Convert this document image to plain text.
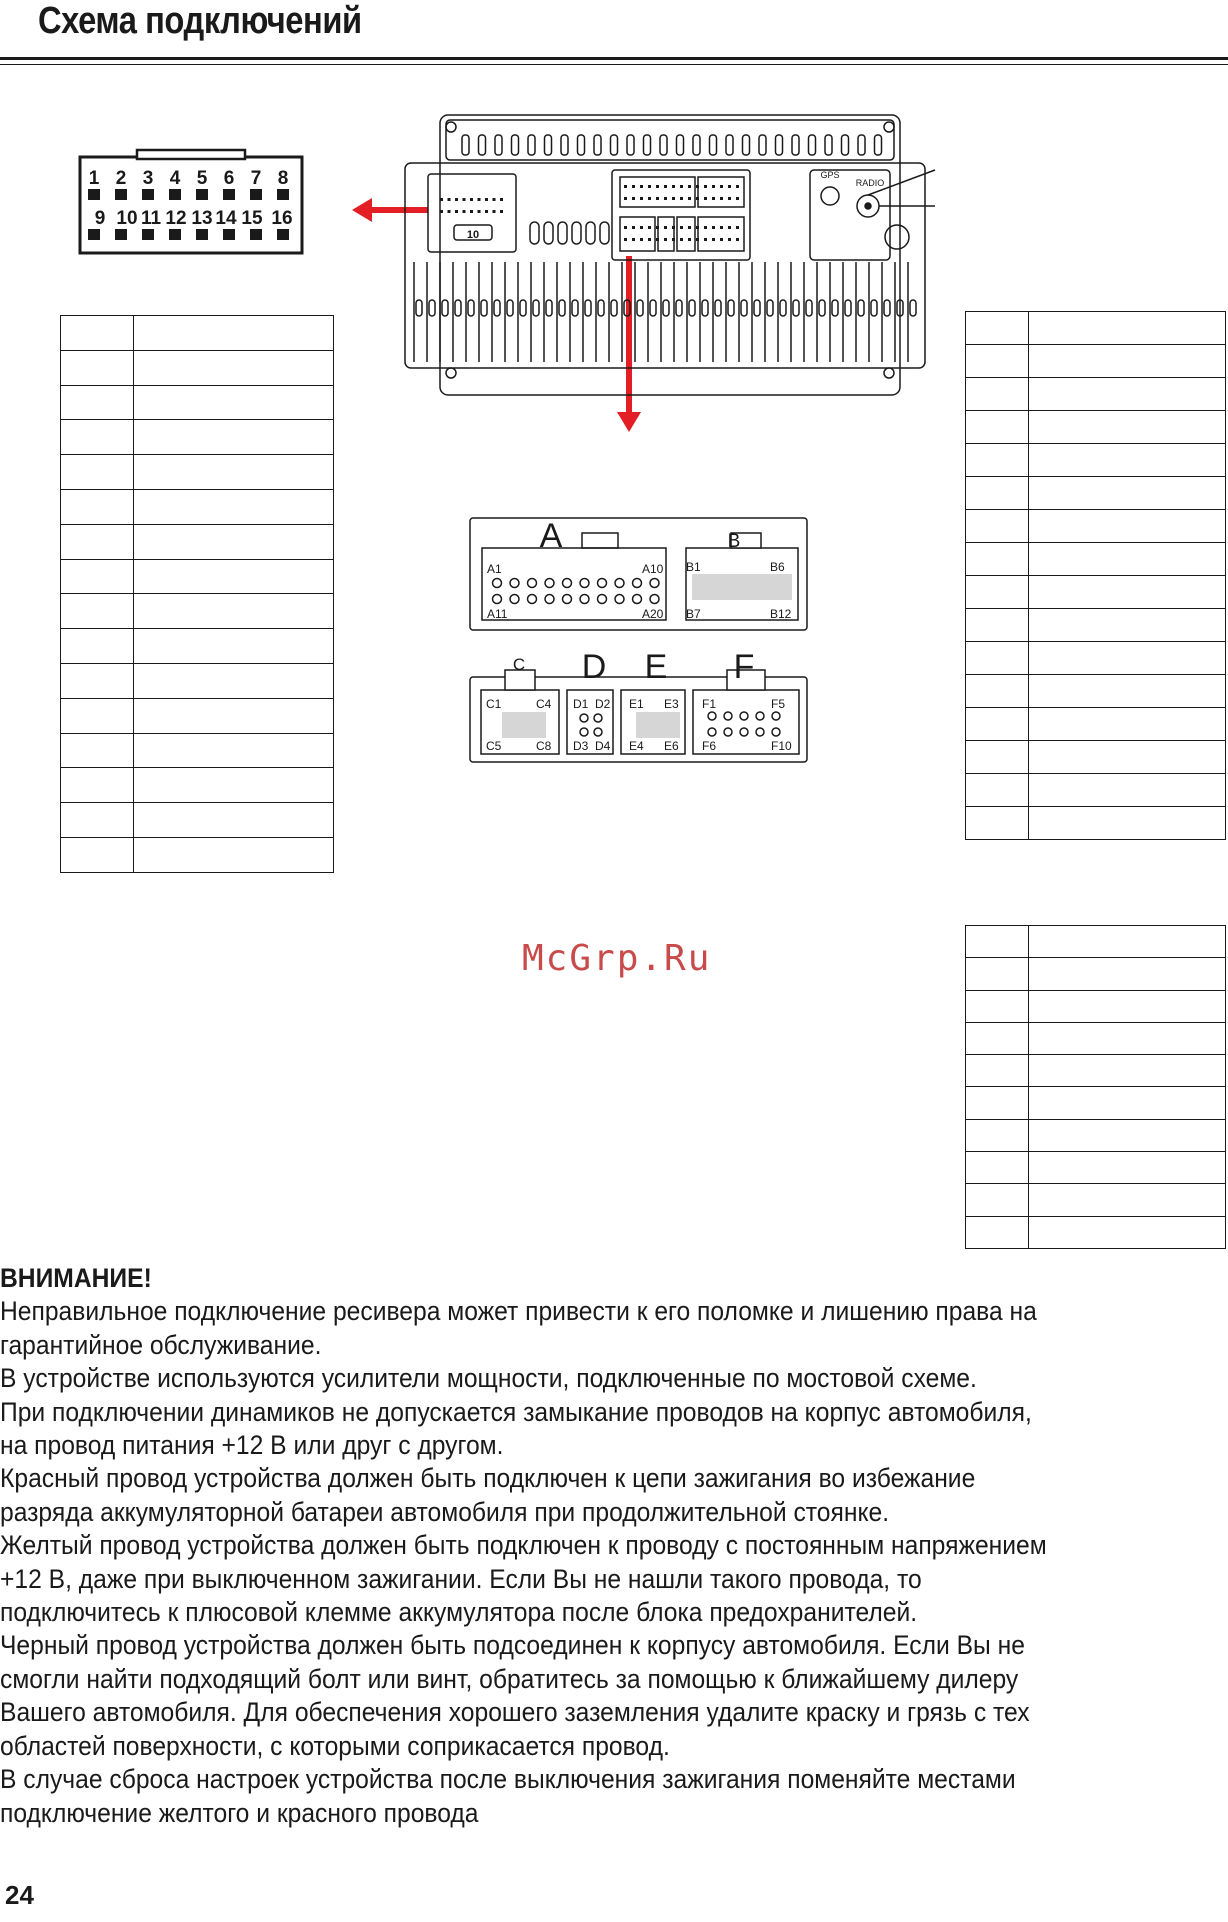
Схема подключений
1 2 3 4 5 6 7 8
9 10 11 12 13 14 15 16
10
GPS
RADIO
A	B
C D E F
A1	A10
A11	A20
B1	B6
B7	B12
C1	C4
C5	C8
D1 D2
D3 D4
E1 E3
E4 E6
F1	F5
F6	F10

McGrp.Ru

ВНИМАНИЕ!

Неправильное подключение ресивера может привести к его поломке и лишению права на

гарантийное обслуживание.

В устройстве используются усилители мощности, подключенные по мостовой схеме.

При подключении динамиков не допускается замыкание проводов на корпус автомобиля,

на провод питания +12 В или друг с другом.

Красный провод устройства должен быть подключен к цепи зажигания во избежание

разряда аккумуляторной батареи автомобиля при продолжительной стоянке.

Желтый провод устройства должен быть подключен к проводу с постоянным напряжением

+12 В, даже при выключенном зажигании. Если Вы не нашли такого провода, то

подключитесь к плюсовой клемме аккумулятора после блока предохранителей.

Черный провод устройства должен быть подсоединен к корпусу автомобиля. Если Вы не

смогли найти подходящий болт или винт, обратитесь за помощью к ближайшему дилеру

Вашего автомобиля. Для обеспечения хорошего заземления удалите краску и грязь с тех

областей поверхности, с которыми соприкасается провод.

В случае сброса настроек устройства после выключения зажигания поменяйте местами

подключение желтого и красного провода

24
